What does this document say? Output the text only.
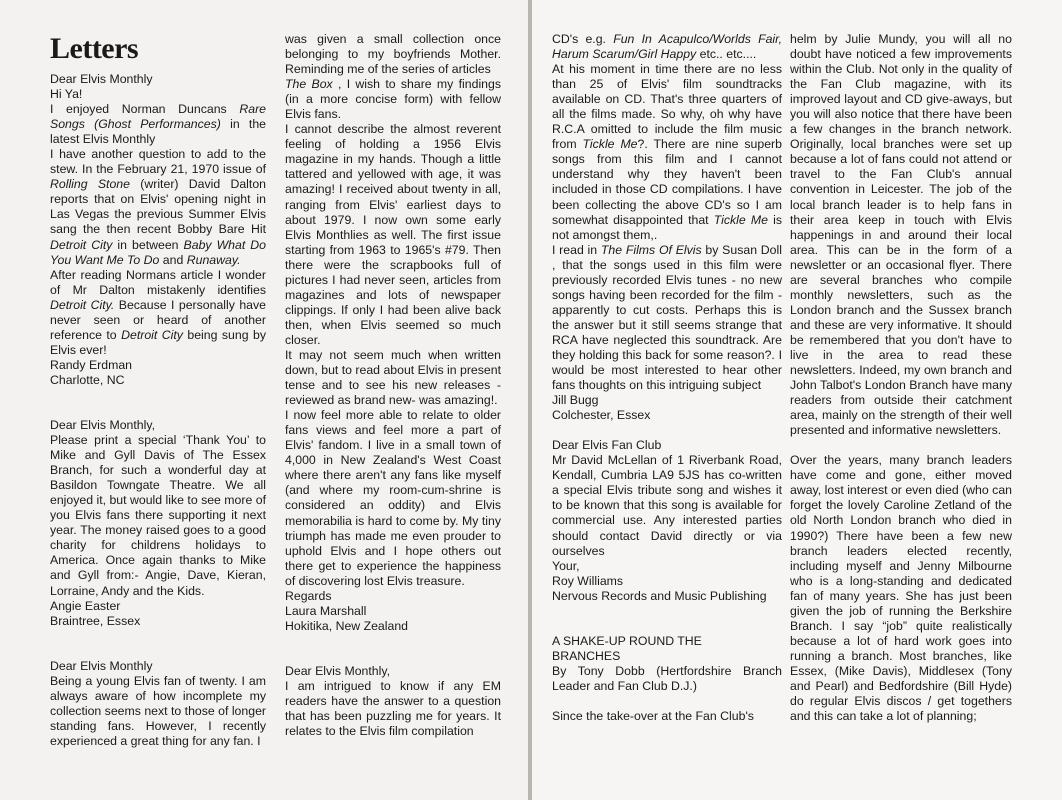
Letters

Dear Elvis Monthly

Hi Ya!

I enjoyed Norman Duncans Rare Songs (Ghost Performances) in the latest Elvis Monthly

I have another question to add to the stew. In the February 21, 1970 issue of Rolling Stone (writer) David Dalton reports that on Elvis' opening night in Las Vegas the previous Summer Elvis sang the then recent Bobby Bare Hit Detroit City in between Baby What Do You Want Me To Do and Runaway.

After reading Normans article I wonder of Mr Dalton mistakenly identifies Detroit City. Because I personally have never seen or heard of another reference to Detroit City being sung by Elvis ever!

Randy Erdman

Charlotte, NC

Dear Elvis Monthly,

Please print a special ‘Thank You’ to Mike and Gyll Davis of The Essex Branch, for such a wonderful day at Basildon Towngate Theatre. We all enjoyed it, but would like to see more of you Elvis fans there supporting it next year. The money raised goes to a good charity for childrens holidays to America. Once again thanks to Mike and Gyll from:- Angie, Dave, Kieran, Lorraine, Andy and the Kids.

Angie Easter

Braintree, Essex

Dear Elvis Monthly

Being a young Elvis fan of twenty. I am always aware of how incomplete my collection seems next to those of longer standing fans. However, I recently experienced a great thing for any fan. I

was given a small collection once belonging to my boyfriends Mother. Reminding me of the series of articles

The Box , I wish to share my findings (in a more concise form) with fellow Elvis fans.

I cannot describe the almost reverent feeling of holding a 1956 Elvis magazine in my hands. Though a little tattered and yellowed with age, it was amazing! I received about twenty in all, ranging from Elvis' earliest days to about 1979. I now own some early Elvis Monthlies as well. The first issue starting from 1963 to 1965's #79. Then there were the scrapbooks full of pictures I had never seen, articles from magazines and lots of newspaper clippings. If only I had been alive back then, when Elvis seemed so much closer.

It may not seem much when written down, but to read about Elvis in present tense and to see his new releases - reviewed as brand new- was amazing!.

I now feel more able to relate to older fans views and feel more a part of Elvis' fandom. I live in a small town of 4,000 in New Zealand's West Coast where there aren't any fans like myself (and where my room-cum-shrine is considered an oddity) and Elvis memorabilia is hard to come by. My tiny triumph has made me even prouder to uphold Elvis and I hope others out there get to experience the happiness of discovering lost Elvis treasure.

Regards

Laura Marshall

Hokitika, New Zealand

Dear Elvis Monthly,

I am intrigued to know if any EM readers have the answer to a question that has been puzzling me for years. It relates to the Elvis film compilation

CD's e.g. Fun In Acapulco/Worlds Fair, Harum Scarum/Girl Happy etc.. etc....

At his moment in time there are no less than 25 of Elvis' film soundtracks available on CD. That's three quarters of all the films made. So why, oh why have R.C.A omitted to include the film music from Tickle Me?. There are nine superb songs from this film and I cannot understand why they haven't been included in those CD compilations. I have been collecting the above CD's so I am somewhat disappointed that Tickle Me is not amongst them,.

I read in The Films Of Elvis by Susan Doll , that the songs used in this film were previously recorded Elvis tunes - no new songs having been recorded for the film - apparently to cut costs. Perhaps this is the answer but it still seems strange that RCA have neglected this soundtrack. Are they holding this back for some reason?. I would be most interested to hear other fans thoughts on this intriguing subject

Jill Bugg

Colchester, Essex

Dear Elvis Fan Club

Mr David McLellan of 1 Riverbank Road, Kendall, Cumbria LA9 5JS has co-written a special Elvis tribute song and wishes it to be known that this song is available for commercial use. Any interested parties should contact David directly or via ourselves

Your,

Roy Williams

Nervous Records and Music Publishing

A SHAKE-UP ROUND THE

BRANCHES

By Tony Dobb (Hertfordshire Branch Leader and Fan Club D.J.)

Since the take-over at the Fan Club's

helm by Julie Mundy, you will all no doubt have noticed a few improvements within the Club. Not only in the quality of the Fan Club magazine, with its improved layout and CD give-aways, but you will also notice that there have been a few changes in the branch network. Originally, local branches were set up because a lot of fans could not attend or travel to the Fan Club's annual convention in Leicester. The job of the local branch leader is to help fans in their area keep in touch with Elvis happenings in and around their local area. This can be in the form of a newsletter or an occasional flyer. There are several branches who compile monthly newsletters, such as the London branch and the Sussex branch and these are very informative. It should be remembered that you don't have to live in the area to read these newsletters. Indeed, my own branch and John Talbot's London Branch have many readers from outside their catchment area, mainly on the strength of their well presented and informative newsletters.

Over the years, many branch leaders have come and gone, either moved away, lost interest or even died (who can forget the lovely Caroline Zetland of the old North London branch who died in 1990?) There have been a few new branch leaders elected recently, including myself and Jenny Milbourne who is a long-standing and dedicated fan of many years. She has just been given the job of running the Berkshire Branch. I say “job” quite realistically because a lot of hard work goes into running a branch. Most branches, like Essex, (Mike Davis), Middlesex (Tony and Pearl) and Bedfordshire (Bill Hyde) do regular Elvis discos / get togethers and this can take a lot of planning;
